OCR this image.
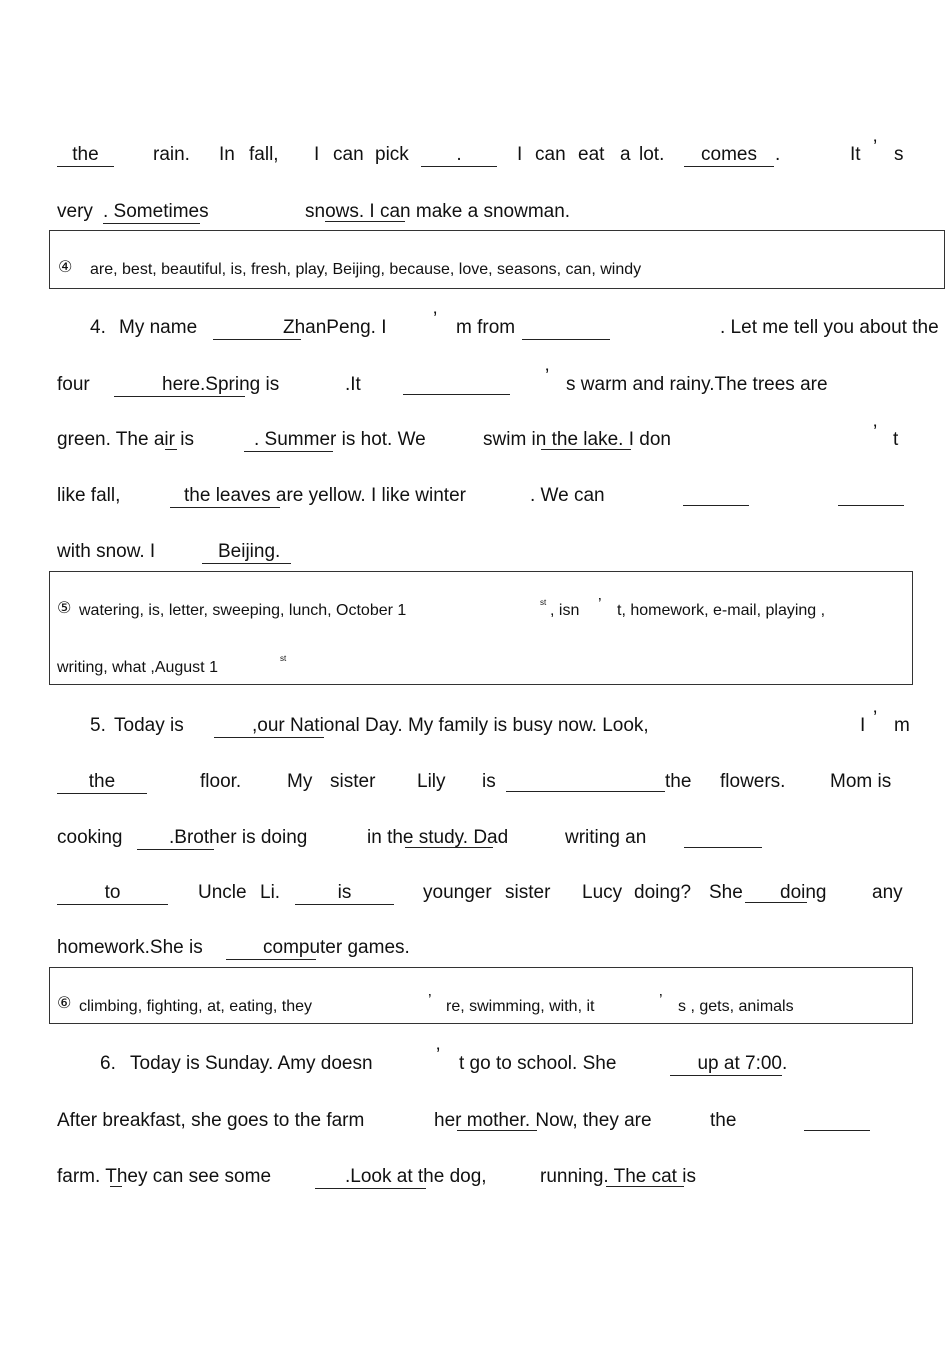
the	rain. In fall, I can pick	.	I can eat a lot.	comes .	It ’ s
very . Sometimes	snows. I can make a snowman.
④ are, best, beautiful, is, fresh, play, Beijing, because, love, seasons, can, windy
4. My name	ZhanPeng. I ’ m from	. Let me tell you about the
four	here.Spring is	.It	’ s warm and rainy.The trees are
green. The air is	. Summer is hot. We	swim in the lake. I don	’ t
like fall,	the leaves are yellow. I like winter	. We can
with snow. I	Beijing.
⑤ watering, is, letter, sweeping, lunch, October 1	st , isn ’ t, homework, e-mail, playing ,
writing, what ,August 1
st
5. Today is	,our National Day. My family is busy now. Look,	I ’ m
the	floor. My sister Lily is	the flowers. Mom is
cooking	.Brother is doing	in the study. Dad	writing an
to	Uncle Li.	is	younger sister Lucy doing? She doing any
homework.She is	computer games.
⑥ climbing, fighting, at, eating, they	’ re, swimming, with, it	’ s , gets, animals
6. Today is Sunday. Amy doesn	’ t go to school. She	up at 7:00 .
After breakfast, she goes to the farm	her mother. Now, they are	the
farm. They can see some	.Look at the dog,	running. The cat is
